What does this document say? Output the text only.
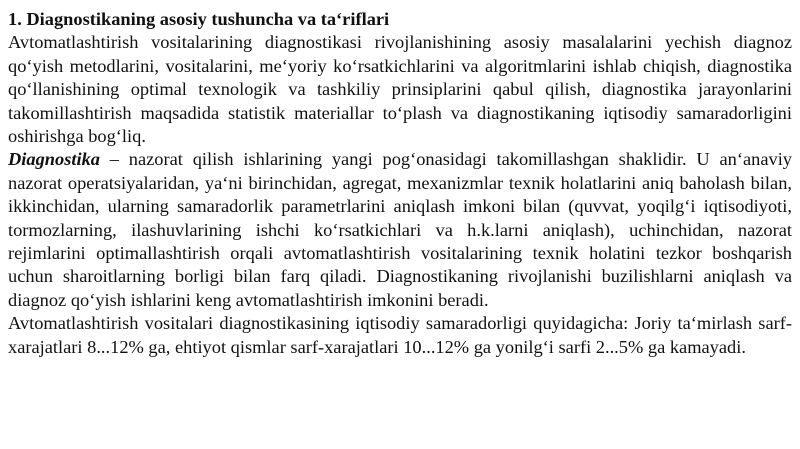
1. Diagnostikaning asosiy tushuncha va ta‘riflari

Avtomatlashtirish vositalarining diagnostikasi rivojlanishining asosiy masalalarini yechish diagnoz qo‘yish metodlarini, vositalarini, me‘yoriy ko‘rsatkichlarini va algoritmlarini ishlab chiqish, diagnostika qo‘llanishining optimal texnologik va tashkiliy prinsiplarini qabul qilish, diagnostika jarayonlarini takomillashtirish maqsadida statistik materiallar to‘plash va diagnostikaning iqtisodiy samaradorligini oshirishga bog‘liq.

Diagnostika – nazorat qilish ishlarining yangi pog‘onasidagi takomillashgan shaklidir. U an‘anaviy nazorat operatsiyalaridan, ya‘ni birinchidan, agregat, mexanizmlar texnik holatlarini aniq baholash bilan, ikkinchidan, ularning samaradorlik parametrlarini aniqlash imkoni bilan (quvvat, yoqilg‘i iqtisodiyoti, tormozlarning, ilashuvlarining ishchi ko‘rsatkichlari va h.k.larni aniqlash), uchinchidan, nazorat rejimlarini optimallashtirish orqali avtomatlashtirish vositalarining texnik holatini tezkor boshqarish uchun sharoitlarning borligi bilan farq qiladi. Diagnostikaning rivojlanishi buzilishlarni aniqlash va diagnoz qo‘yish ishlarini keng avtomatlashtirish imkonini beradi.

Avtomatlashtirish vositalari diagnostikasining iqtisodiy samaradorligi quyidagicha: Joriy ta‘mirlash sarf-xarajatlari 8...12% ga, ehtiyot qismlar sarf-xarajatlari 10...12% ga yonilg‘i sarfi 2...5% ga kamayadi.
